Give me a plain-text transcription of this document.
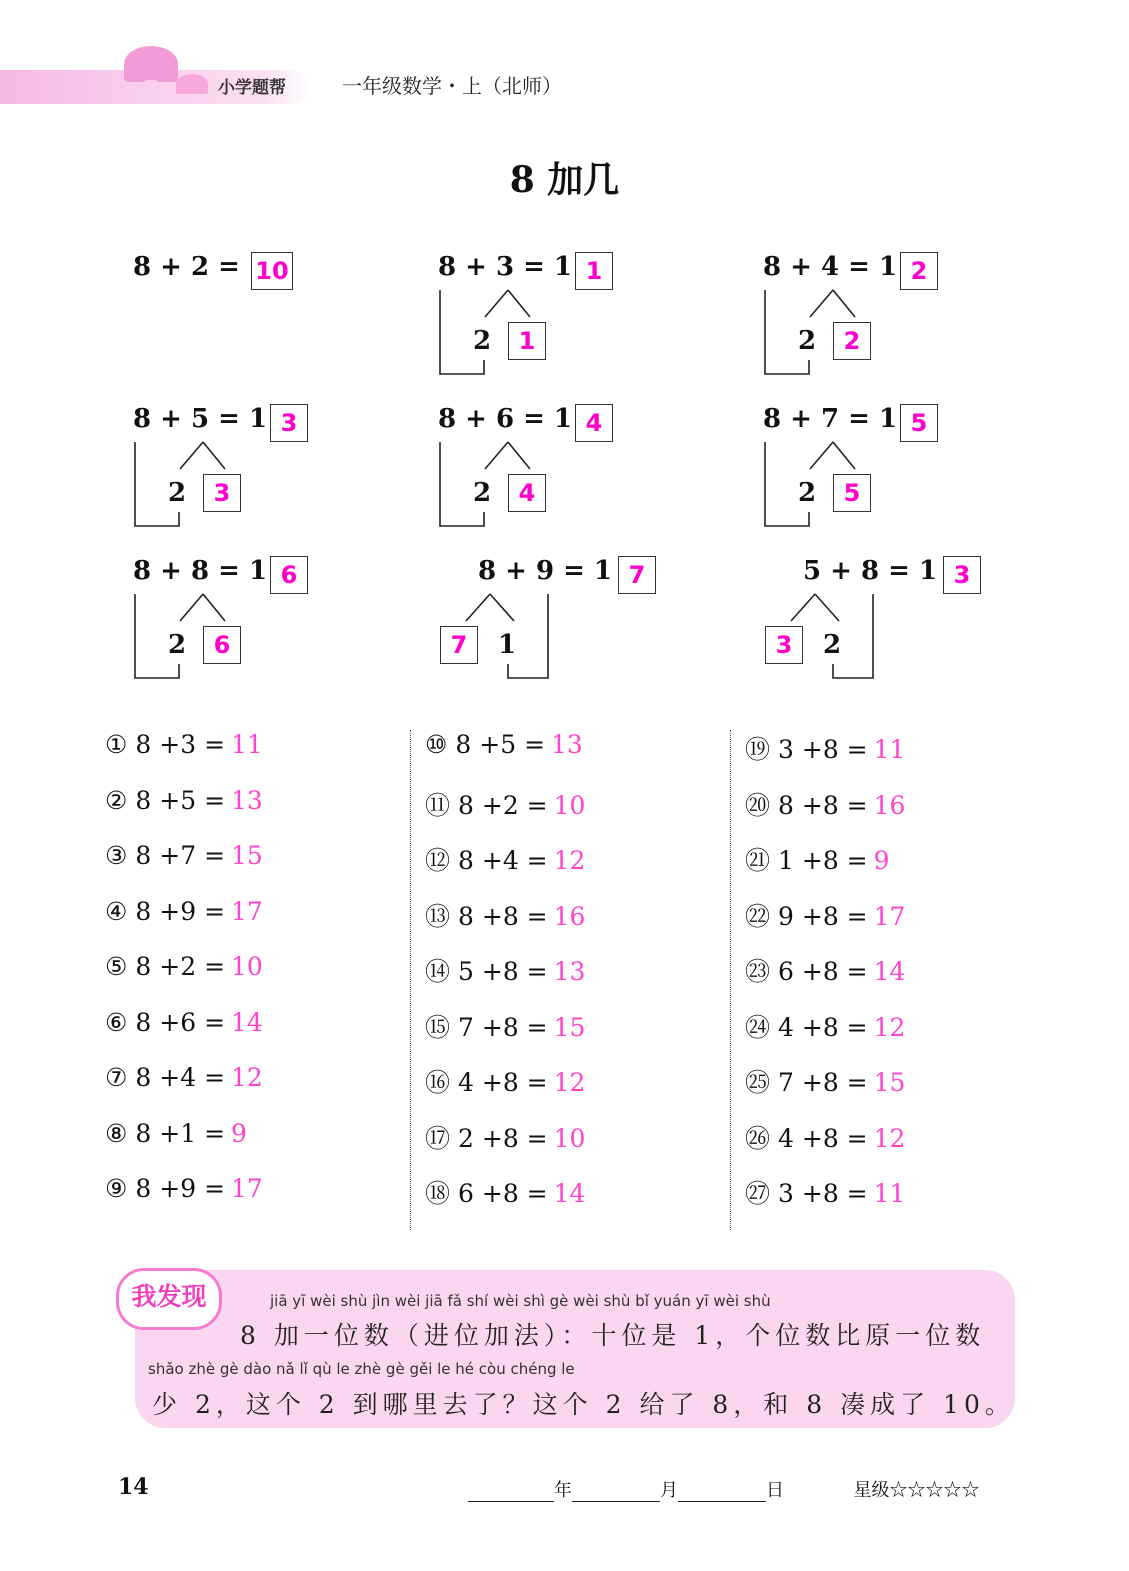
小学题帮	一年级数学・上（北师）
8 加几
8 + 2 = 10	8 + 3 = 1 1
2	1
8 + 4 = 1 2
2	2
8 + 5 = 1 3
2	3
8 + 6 = 1 4
2	4
8 + 7 = 1 5
2	5
8 + 8 = 1 6
2	6
8 + 9 = 1 7
7	1
5 + 8 = 1 3
3	2
① 8 +3 = 11
② 8 +5 = 13
③ 8 +7 = 15
④ 8 +9 = 17
⑤ 8 +2 = 10
⑥ 8 +6 = 14
⑦ 8 +4 = 12
⑧ 8 +1 = 9
⑨ 8 +9 = 17
⑩ 8 +5 = 13
⑪ 8 +2 = 10
⑫ 8 +4 = 12
⑬ 8 +8 = 16
⑭ 5 +8 = 13
⑮ 7 +8 = 15
⑯ 4 +8 = 12
⑰ 2 +8 = 10
⑱ 6 +8 = 14
⑲ 3 +8 = 11
⑳ 8 +8 = 16
㉑ 1 +8 = 9
㉒ 9 +8 = 17
㉓ 6 +8 = 14
㉔ 4 +8 = 12
㉕ 7 +8 = 15
㉖ 4 +8 = 12
㉗ 3 +8 = 11
我发现	jiā yī wèi shù jìn wèi jiā fǎ shí wèi shì gè wèi shù bǐ yuán yī wèi shù
8 加一位数（进位加法）：十位是 1，个位数比原一位数
shǎo zhè gè dào nǎ lǐ qù le zhè gè gěi le hé còu chéng le
少 2，这个 2 到哪里去了？这个 2 给了 8，和 8 凑成了 10。
14	年	月	日	星级☆☆☆☆☆
